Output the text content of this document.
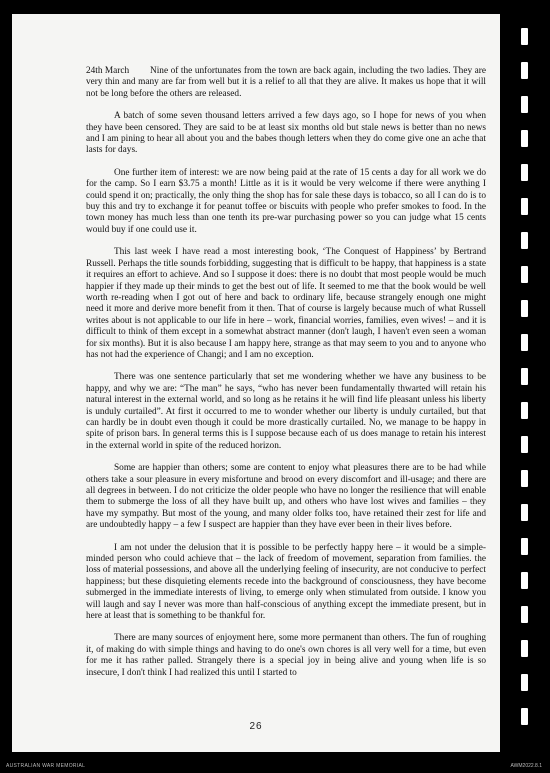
24th March Nine of the unfortunates from the town are back again, including the two ladies. They are very thin and many are far from well but it is a relief to all that they are alive. It makes us hope that it will not be long before the others are released.

A batch of some seven thousand letters arrived a few days ago, so I hope for news of you when they have been censored. They are said to be at least six months old but stale news is better than no news and I am pining to hear all about you and the babes though letters when they do come give one an ache that lasts for days.

One further item of interest: we are now being paid at the rate of 15 cents a day for all work we do for the camp. So I earn $3.75 a month! Little as it is it would be very welcome if there were anything I could spend it on; practically, the only thing the shop has for sale these days is tobacco, so all I can do is to buy this and try to exchange it for peanut toffee or biscuits with people who prefer smokes to food. In the town money has much less than one tenth its pre-war purchasing power so you can judge what 15 cents would buy if one could use it.

This last week I have read a most interesting book, ‘The Conquest of Happiness’ by Bertrand Russell. Perhaps the title sounds forbidding, suggesting that is difficult to be happy, that happiness is a state it requires an effort to achieve. And so I suppose it does: there is no doubt that most people would be much happier if they made up their minds to get the best out of life. It seemed to me that the book would be well worth re-reading when I got out of here and back to ordinary life, because strangely enough one might need it more and derive more benefit from it then. That of course is largely because much of what Russell writes about is not applicable to our life in here – work, financial worries, families, even wives! – and it is difficult to think of them except in a somewhat abstract manner (don't laugh, I haven't even seen a woman for six months). But it is also because I am happy here, strange as that may seem to you and to anyone who has not had the experience of Changi; and I am no exception.

There was one sentence particularly that set me wondering whether we have any business to be happy, and why we are: “The man” he says, “who has never been fundamentally thwarted will retain his natural interest in the external world, and so long as he retains it he will find life pleasant unless his liberty is unduly curtailed”. At first it occurred to me to wonder whether our liberty is unduly curtailed, but that can hardly be in doubt even though it could be more drastically curtailed. No, we manage to be happy in spite of prison bars. In general terms this is I suppose because each of us does manage to retain his interest in the external world in spite of the reduced horizon.

Some are happier than others; some are content to enjoy what pleasures there are to be had while others take a sour pleasure in every misfortune and brood on every discomfort and ill-usage; and there are all degrees in between. I do not criticize the older people who have no longer the resilience that will enable them to submerge the loss of all they have built up, and others who have lost wives and families – they have my sympathy. But most of the young, and many older folks too, have retained their zest for life and are undoubtedly happy – a few I suspect are happier than they have ever been in their lives before.

I am not under the delusion that it is possible to be perfectly happy here – it would be a simple-minded person who could achieve that – the lack of freedom of movement, separation from families. the loss of material possessions, and above all the underlying feeling of insecurity, are not conducive to perfect happiness; but these disquieting elements recede into the background of consciousness, they have become submerged in the immediate interests of living, to emerge only when stimulated from outside. I know you will laugh and say I never was more than half-conscious of anything except the immediate present, but in here at least that is something to be thankful for.

There are many sources of enjoyment here, some more permanent than others. The fun of roughing it, of making do with simple things and having to do one's own chores is all very well for a time, but even for me it has rather palled. Strangely there is a special joy in being alive and young when life is so insecure, I don't think I had realized this until I started to

26
AUSTRALIAN WAR MEMORIAL	AWM2022.8.1
